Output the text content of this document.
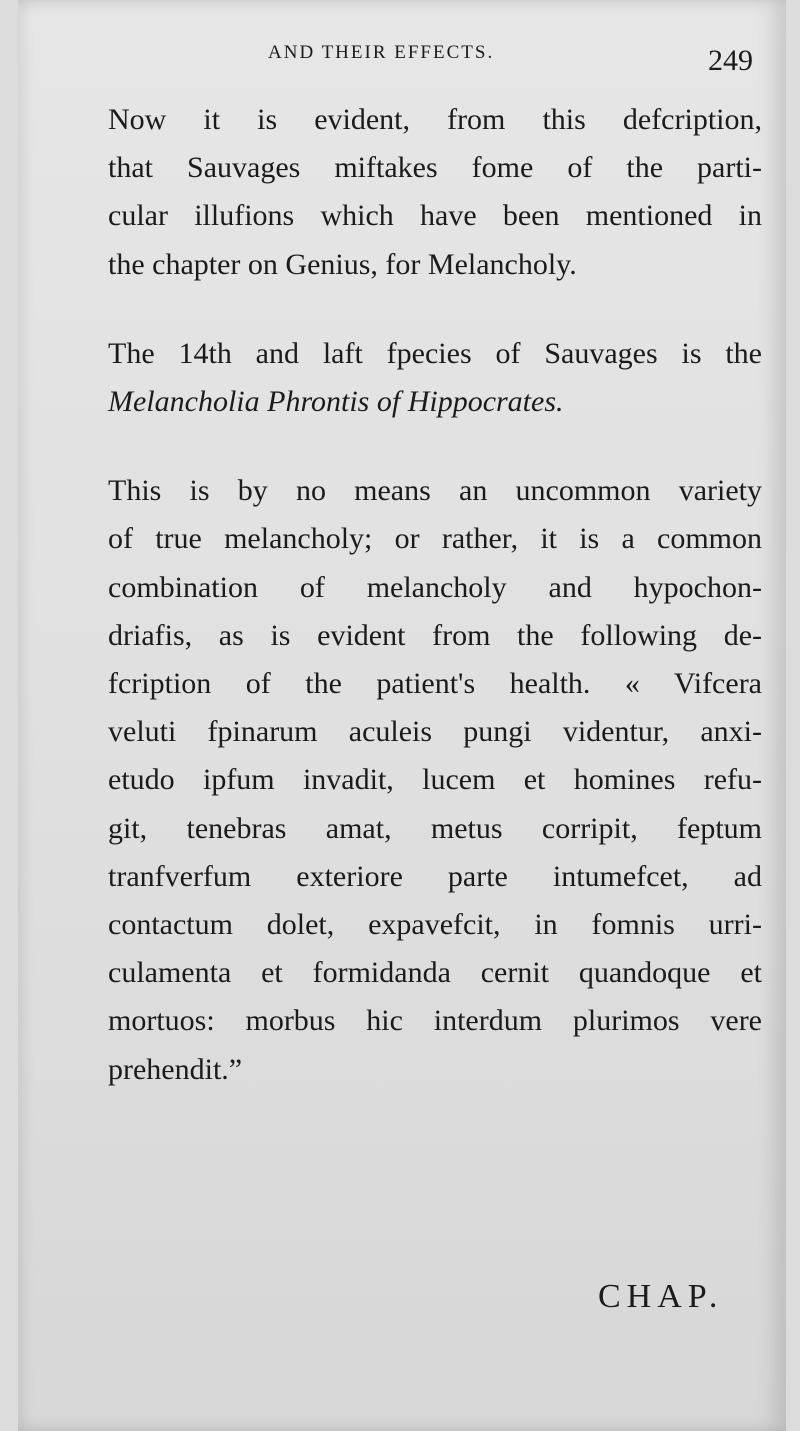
AND THEIR EFFECTS.	249

Now it is evident, from this defcription,
that Sauvages miftakes fome of the parti-
cular illufions which have been mentioned in
the chapter on Genius, for Melancholy.

The 14th and laft fpecies of Sauvages is the
Melancholia Phrontis of Hippocrates.

This is by no means an uncommon variety
of true melancholy; or rather, it is a common
combination of melancholy and hypochon-
driafis, as is evident from the following de-
fcription of the patient's health. « Vifcera
veluti fpinarum aculeis pungi videntur, anxi-
etudo ipfum invadit, lucem et homines refu-
git, tenebras amat, metus corripit, feptum
tranfverfum exteriore parte intumefcet, ad
contactum dolet, expavefcit, in fomnis urri-
culamenta et formidanda cernit quandoque et
mortuos: morbus hic interdum plurimos vere
prehendit.”

CHAP.
